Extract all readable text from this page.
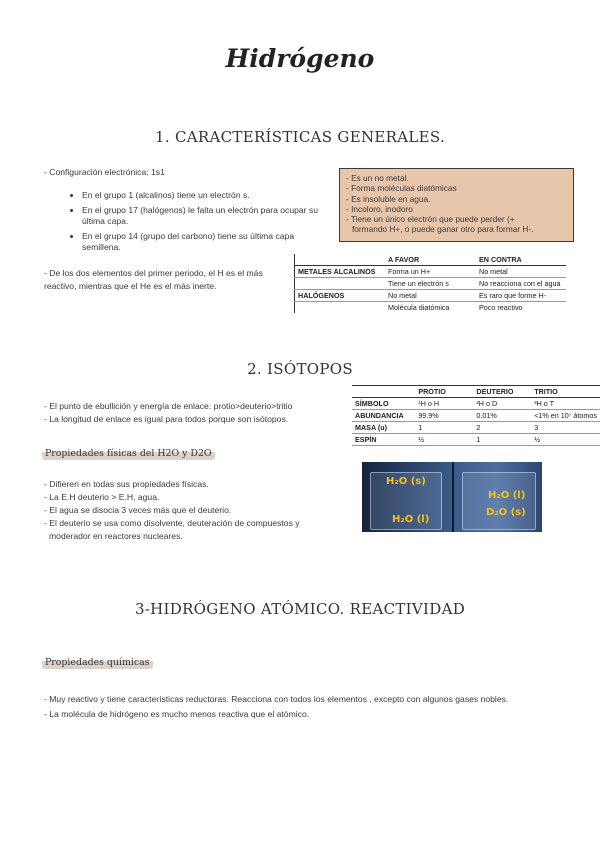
Hidrógeno
1. CARACTERÍSTICAS GENERALES.

- Configuración electrónica: 1s1

• En el grupo 1 (alcalinos) tiene un electrón s.
• En el grupo 17 (halógenos) le falta un electrón para ocupar su última capa.
• En el grupo 14 (grupo del carbono) tiene su última capa semillena.

- De los dos elementos del primer periodo, el H es el más reactivo, mientras que el He es el más inerte.

- Es un no metal.
- Forma moléculas diatómicas
- Es insoluble en agua.
- Incoloro, inodoro
- Tiene un único electrón que puede perder (+
formando H+, o puede ganar otro para formar H-.
	A FAVOR	EN CONTRA
METALES ALCALINOS	Forma un H+	No metal
	Tiene un electrón s	No reacciona con el agua
HALÓGENOS	No metal	Es raro que forme H-
	Molécula diatómica	Poco reactivo
2. ISÓTOPOS

- El punto de ebullición y energía de enlace: protio>deuterio>tritio

- La longitud de enlace es igual para todos porque son isótopos.

	PROTIO	DEUTERIO	TRITIO
SÍMBOLO	¹H o H	²H o D	³H o T
ABUNDANCIA	99.9%	0.01%	<1% en 10⁷ átomos
MASA (u)	1	2	3
ESPÍN	½	1	½
Propiedades físicas del H2O y D2O

- Difieren en todas sus propiedades físicas.

- La E.H deuterio > E.H. agua.

- El agua se disocia 3 veces más que el deuterio.

- El deuterio se usa como disolvente, deuteración de compuestos y

moderador en reactores nucleares.

H₂O (s)
H₂O (l)
H₂O (l)
D₂O (s)
3-HIDRÓGENO ATÓMICO. REACTIVIDAD
Propiedades químicas

- Muy reactivo y tiene características reductoras. Reacciona con todos los elementos , excepto con algunos gases nobles.

- La molécula de hidrógeno es mucho menos reactiva que el atómico.
